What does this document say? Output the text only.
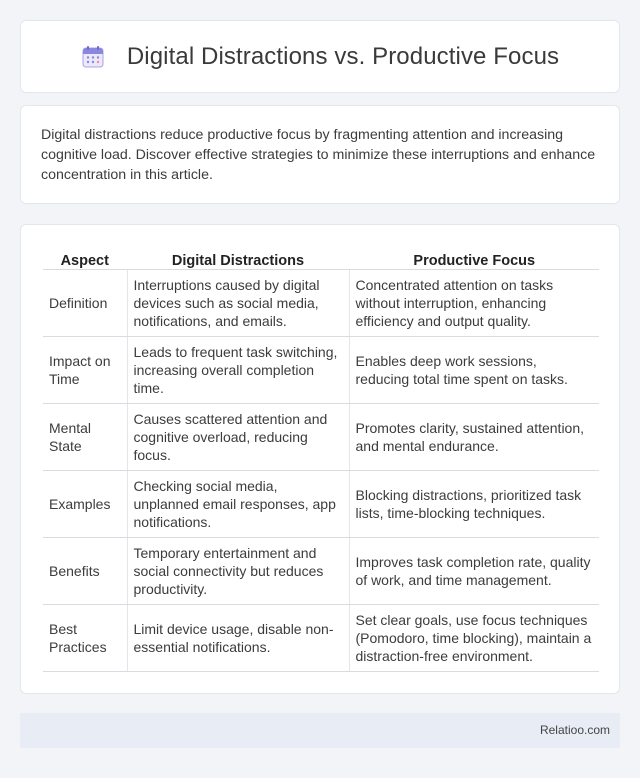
Digital Distractions vs. Productive Focus

Digital distractions reduce productive focus by fragmenting attention and increasing cognitive load. Discover effective strategies to minimize these interruptions and enhance concentration in this article.

Aspect	Digital Distractions	Productive Focus
Definition	Interruptions caused by digital devices such as social media, notifications, and emails.	Concentrated attention on tasks without interruption, enhancing efficiency and output quality.
Impact on Time	Leads to frequent task switching, increasing overall completion time.	Enables deep work sessions, reducing total time spent on tasks.
Mental State	Causes scattered attention and cognitive overload, reducing focus.	Promotes clarity, sustained attention, and mental endurance.
Examples	Checking social media, unplanned email responses, app notifications.	Blocking distractions, prioritized task lists, time-blocking techniques.
Benefits	Temporary entertainment and social connectivity but reduces productivity.	Improves task completion rate, quality of work, and time management.
Best Practices	Limit device usage, disable non-essential notifications.	Set clear goals, use focus techniques (Pomodoro, time blocking), maintain a distraction-free environment.
Relatioo.com
